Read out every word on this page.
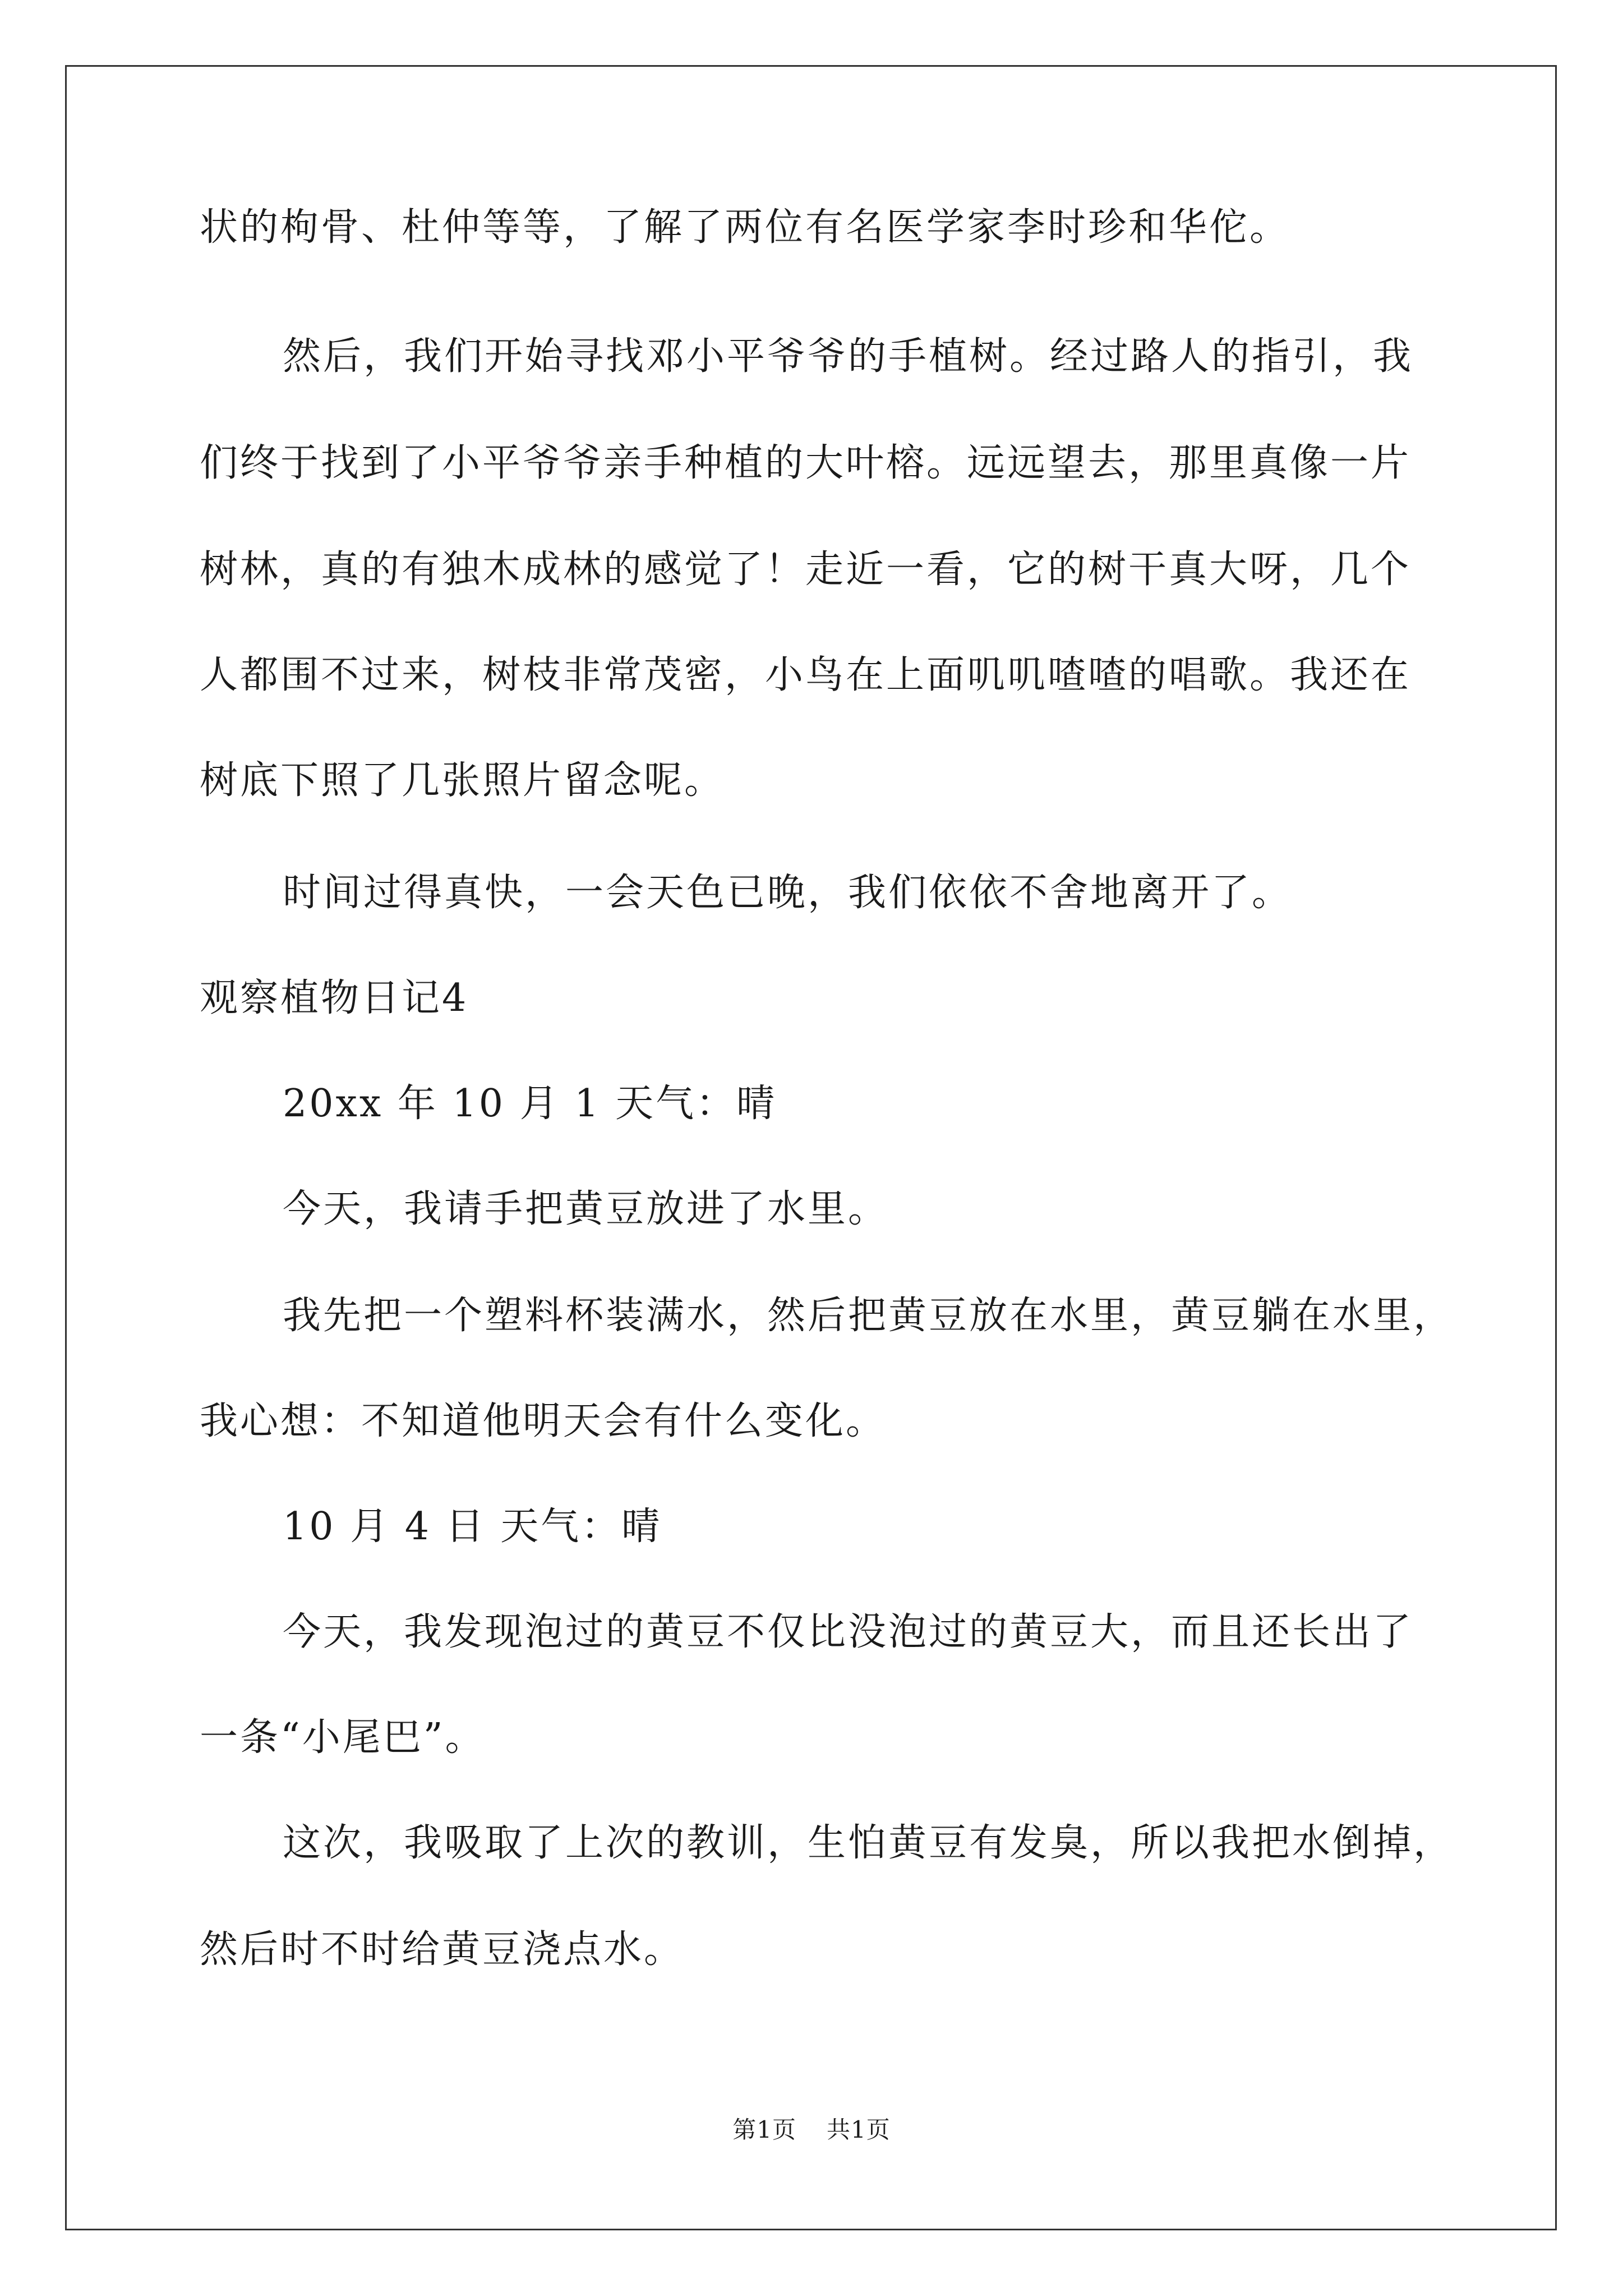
状的枸骨、杜仲等等，了解了两位有名医学家李时珍和华佗。
然后，我们开始寻找邓小平爷爷的手植树。经过路人的指引，我
们终于找到了小平爷爷亲手种植的大叶榕。远远望去，那里真像一片
树林，真的有独木成林的感觉了！走近一看，它的树干真大呀，几个
人都围不过来，树枝非常茂密，小鸟在上面叽叽喳喳的唱歌。我还在
树底下照了几张照片留念呢。
时间过得真快，一会天色已晚，我们依依不舍地离开了。
观察植物日记4
20xx 年 10 月 1 天气：晴
今天，我请手把黄豆放进了水里。
我先把一个塑料杯装满水，然后把黄豆放在水里，黄豆躺在水里，
我心想：不知道他明天会有什么变化。
10 月 4 日 天气：晴
今天，我发现泡过的黄豆不仅比没泡过的黄豆大，而且还长出了
一条“小尾巴”。
这次，我吸取了上次的教训，生怕黄豆有发臭，所以我把水倒掉，
然后时不时给黄豆浇点水。
第1页 共1页
